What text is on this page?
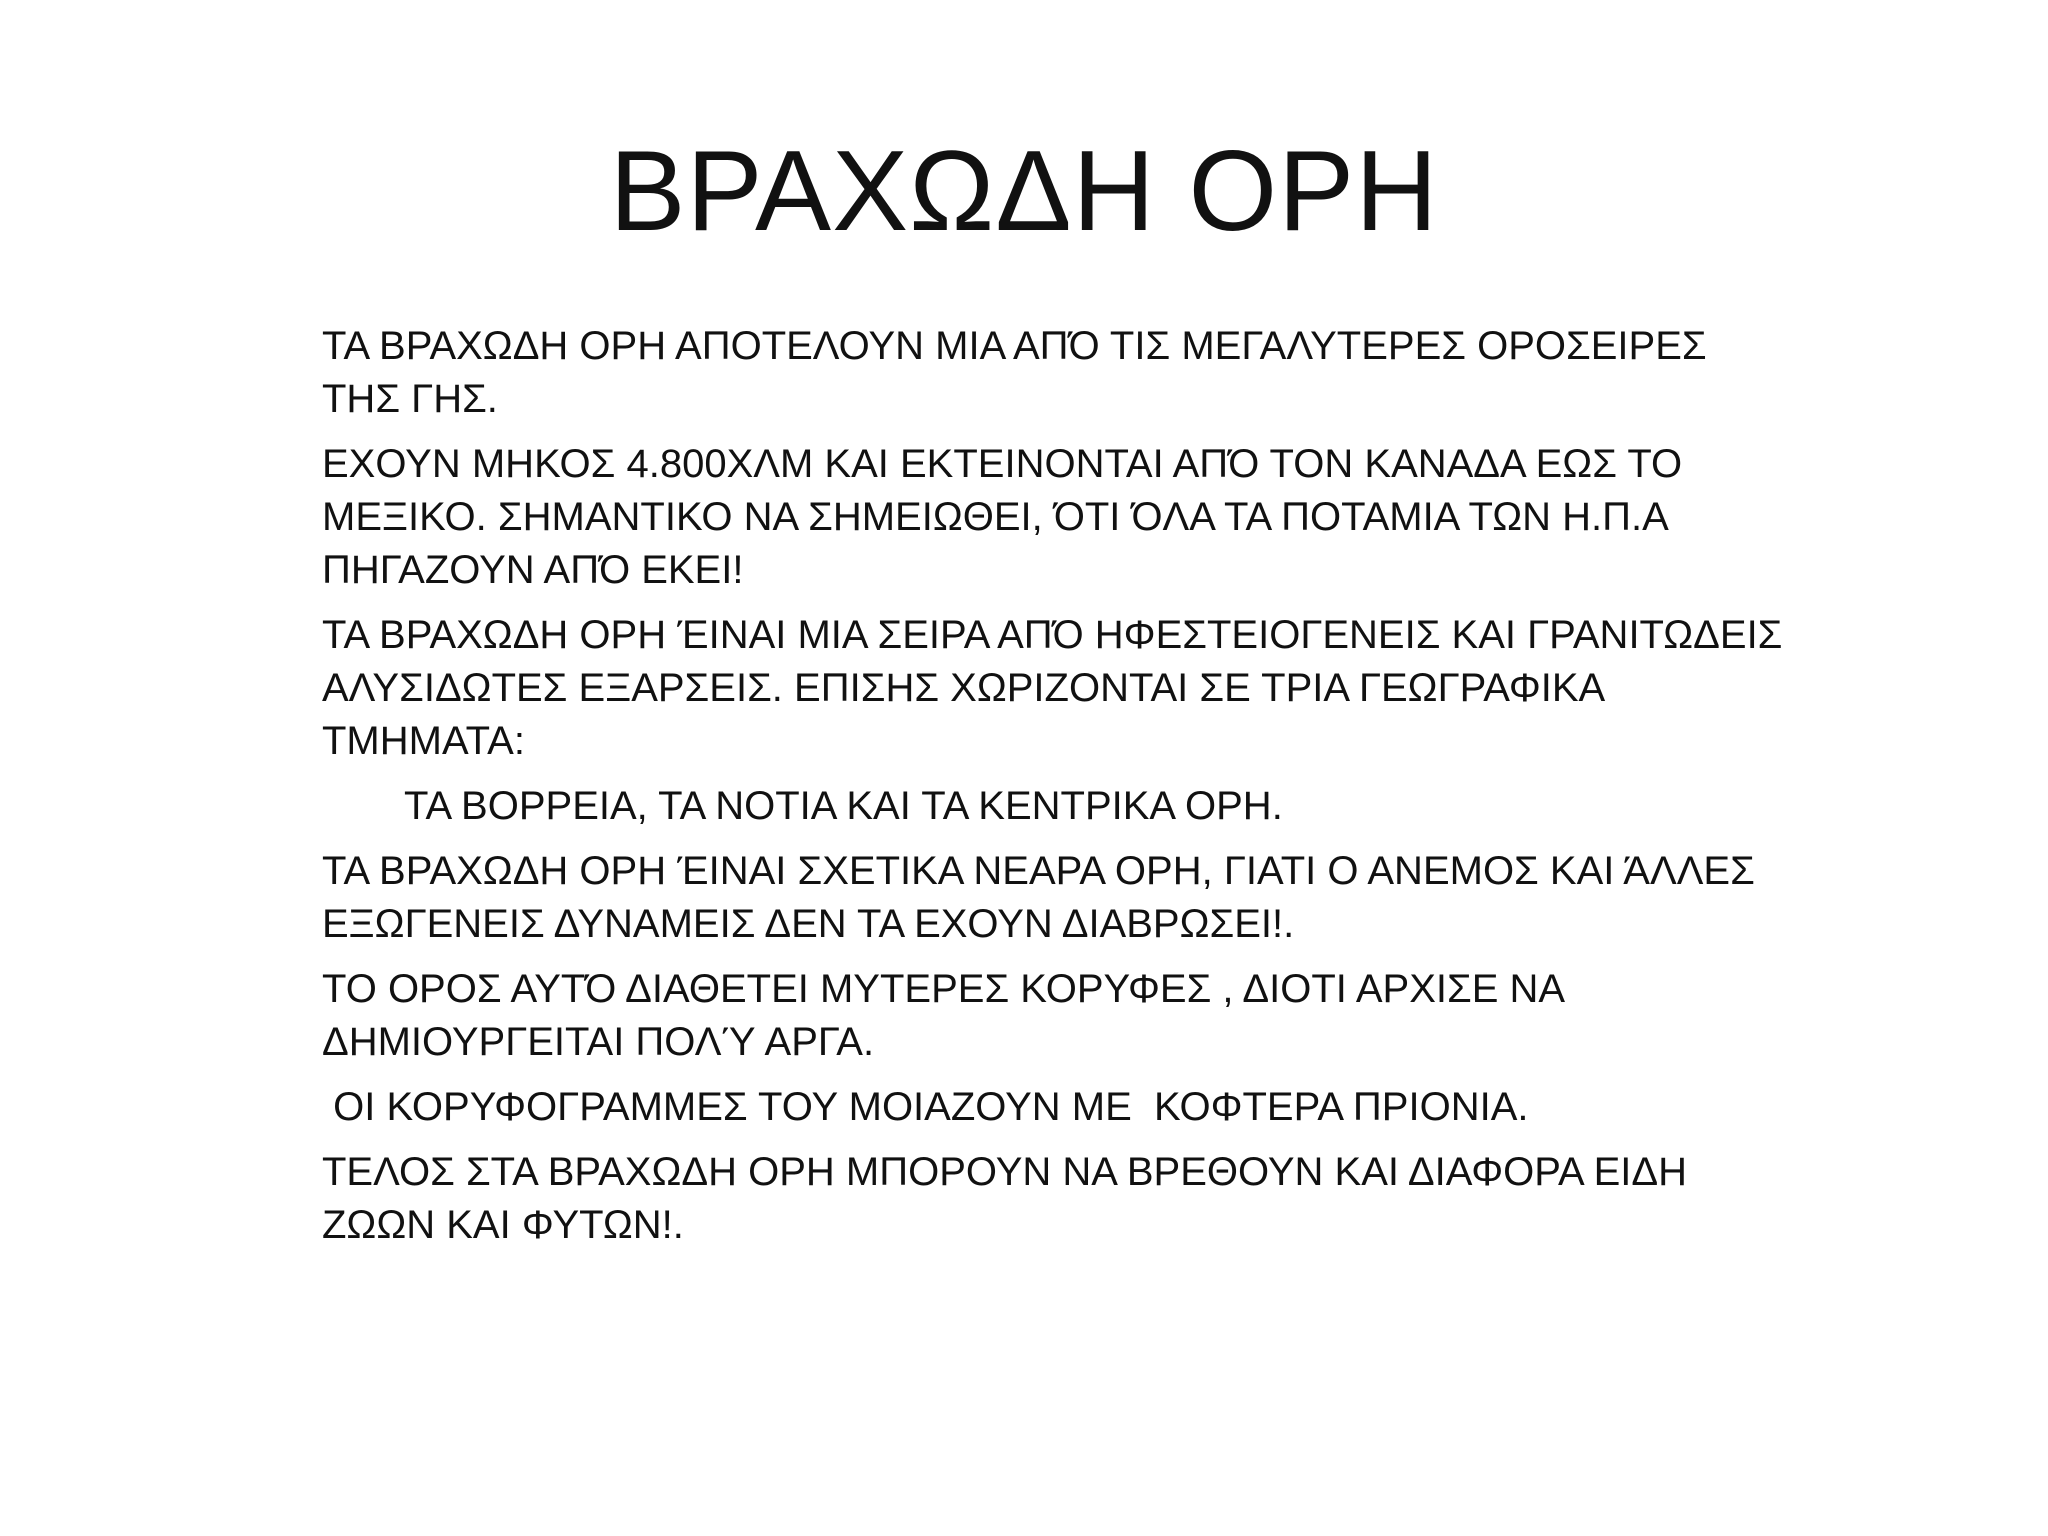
ΒΡΑΧΩΔΗ ΟΡΗ

ΤΑ ΒΡΑΧΩΔΗ ΟΡΗ ΑΠΟΤΕΛΟΥΝ ΜΙΑ ΑΠΌ ΤΙΣ ΜΕΓΑΛΥΤΕΡΕΣ ΟΡΟΣΕΙΡΕΣ
ΤΗΣ ΓΗΣ.

ΕΧΟΥΝ ΜΗΚΟΣ 4.800ΧΛΜ ΚΑΙ ΕΚΤΕΙΝΟΝΤΑΙ ΑΠΌ ΤΟΝ ΚΑΝΑΔΑ ΕΩΣ ΤΟ
ΜΕΞΙΚΟ. ΣΗΜΑΝΤΙΚΟ ΝΑ ΣΗΜΕΙΩΘΕΙ, ΌΤΙ ΌΛΑ ΤΑ ΠΟΤΑΜΙΑ ΤΩΝ Η.Π.Α
ΠΗΓΑΖΟΥΝ ΑΠΌ ΕΚΕΙ!

ΤΑ ΒΡΑΧΩΔΗ ΟΡΗ ΈΙΝΑΙ ΜΙΑ ΣΕΙΡΑ ΑΠΌ ΗΦΕΣΤΕΙΟΓΕΝΕΙΣ ΚΑΙ ΓΡΑΝΙΤΩΔΕΙΣ
ΑΛΥΣΙΔΩΤΕΣ ΕΞΑΡΣΕΙΣ. ΕΠΙΣΗΣ ΧΩΡΙΖΟΝΤΑΙ ΣΕ ΤΡΙΑ ΓΕΩΓΡΑΦΙΚΑ
ΤΜΗΜΑΤΑ:

ΤΑ ΒΟΡΡΕΙΑ, ΤΑ ΝΟΤΙΑ ΚΑΙ ΤΑ ΚΕΝΤΡΙΚΑ ΟΡΗ.

ΤΑ ΒΡΑΧΩΔΗ ΟΡΗ ΈΙΝΑΙ ΣΧΕΤΙΚΑ ΝΕΑΡΑ ΟΡΗ, ΓΙΑΤΙ Ο ΑΝΕΜΟΣ ΚΑΙ ΆΛΛΕΣ
ΕΞΩΓΕΝΕΙΣ ΔΥΝΑΜΕΙΣ ΔΕΝ ΤΑ ΕΧΟΥΝ ΔΙΑΒΡΩΣΕΙ!.

ΤΟ ΟΡΟΣ ΑΥΤΌ ΔΙΑΘΕΤΕΙ ΜΥΤΕΡΕΣ ΚΟΡΥΦΕΣ , ΔΙΟΤΙ ΑΡΧΙΣΕ ΝΑ
ΔΗΜΙΟΥΡΓΕΙΤΑΙ ΠΟΛΎ ΑΡΓΑ.

ΟΙ ΚΟΡΥΦΟΓΡΑΜΜΕΣ ΤΟΥ ΜΟΙΑΖΟΥΝ ΜΕ  ΚΟΦΤΕΡΑ ΠΡΙΟΝΙΑ.

ΤΕΛΟΣ ΣΤΑ ΒΡΑΧΩΔΗ ΟΡΗ ΜΠΟΡΟΥΝ ΝΑ ΒΡΕΘΟΥΝ ΚΑΙ ΔΙΑΦΟΡΑ ΕΙΔΗ
ΖΩΩΝ ΚΑΙ ΦΥΤΩΝ!.
